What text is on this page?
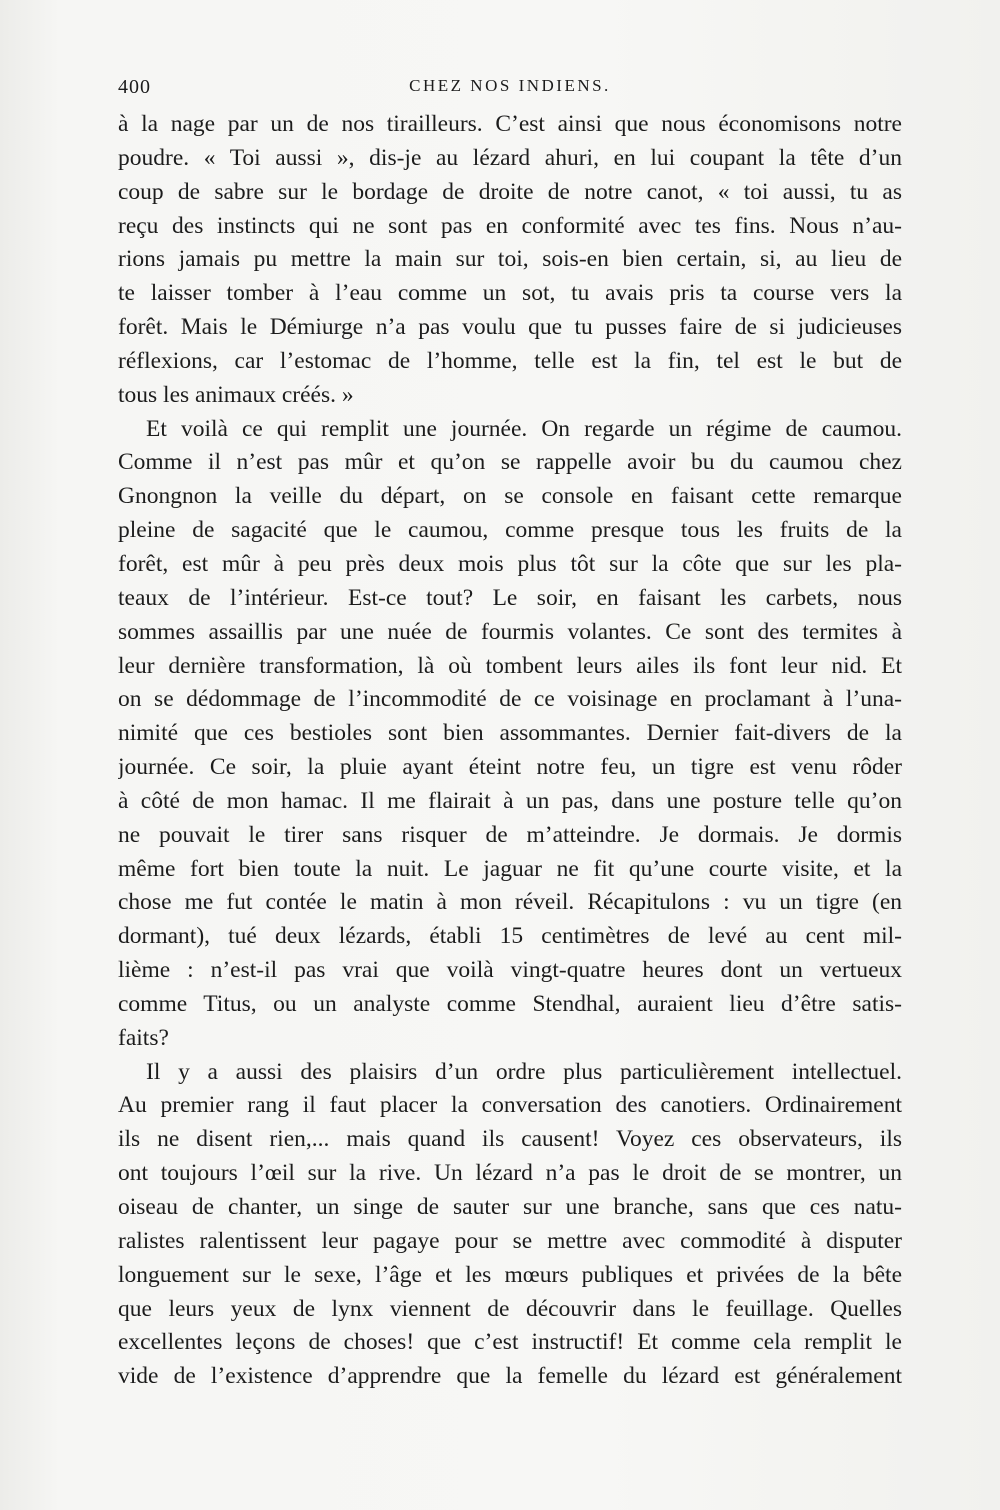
400	CHEZ NOS INDIENS.
à la nage par un de nos tirailleurs. C’est ainsi que nous économisons notre
poudre. « Toi aussi », dis-je au lézard ahuri, en lui coupant la tête d’un
coup de sabre sur le bordage de droite de notre canot, « toi aussi, tu as
reçu des instincts qui ne sont pas en conformité avec tes fins. Nous n’au-
rions jamais pu mettre la main sur toi, sois-en bien certain, si, au lieu de
te laisser tomber à l’eau comme un sot, tu avais pris ta course vers la
forêt. Mais le Démiurge n’a pas voulu que tu pusses faire de si judicieuses
réflexions, car l’estomac de l’homme, telle est la fin, tel est le but de
tous les animaux créés. »
Et voilà ce qui remplit une journée. On regarde un régime de caumou.
Comme il n’est pas mûr et qu’on se rappelle avoir bu du caumou chez
Gnongnon la veille du départ, on se console en faisant cette remarque
pleine de sagacité que le caumou, comme presque tous les fruits de la
forêt, est mûr à peu près deux mois plus tôt sur la côte que sur les pla-
teaux de l’intérieur. Est-ce tout? Le soir, en faisant les carbets, nous
sommes assaillis par une nuée de fourmis volantes. Ce sont des termites à
leur dernière transformation, là où tombent leurs ailes ils font leur nid. Et
on se dédommage de l’incommodité de ce voisinage en proclamant à l’una-
nimité que ces bestioles sont bien assommantes. Dernier fait-divers de la
journée. Ce soir, la pluie ayant éteint notre feu, un tigre est venu rôder
à côté de mon hamac. Il me flairait à un pas, dans une posture telle qu’on
ne pouvait le tirer sans risquer de m’atteindre. Je dormais. Je dormis
même fort bien toute la nuit. Le jaguar ne fit qu’une courte visite, et la
chose me fut contée le matin à mon réveil. Récapitulons : vu un tigre (en
dormant), tué deux lézards, établi 15 centimètres de levé au cent mil-
lième : n’est-il pas vrai que voilà vingt-quatre heures dont un vertueux
comme Titus, ou un analyste comme Stendhal, auraient lieu d’être satis-
faits?
Il y a aussi des plaisirs d’un ordre plus particulièrement intellectuel.
Au premier rang il faut placer la conversation des canotiers. Ordinairement
ils ne disent rien,... mais quand ils causent! Voyez ces observateurs, ils
ont toujours l’œil sur la rive. Un lézard n’a pas le droit de se montrer, un
oiseau de chanter, un singe de sauter sur une branche, sans que ces natu-
ralistes ralentissent leur pagaye pour se mettre avec commodité à disputer
longuement sur le sexe, l’âge et les mœurs publiques et privées de la bête
que leurs yeux de lynx viennent de découvrir dans le feuillage. Quelles
excellentes leçons de choses! que c’est instructif! Et comme cela remplit le
vide de l’existence d’apprendre que la femelle du lézard est généralement
